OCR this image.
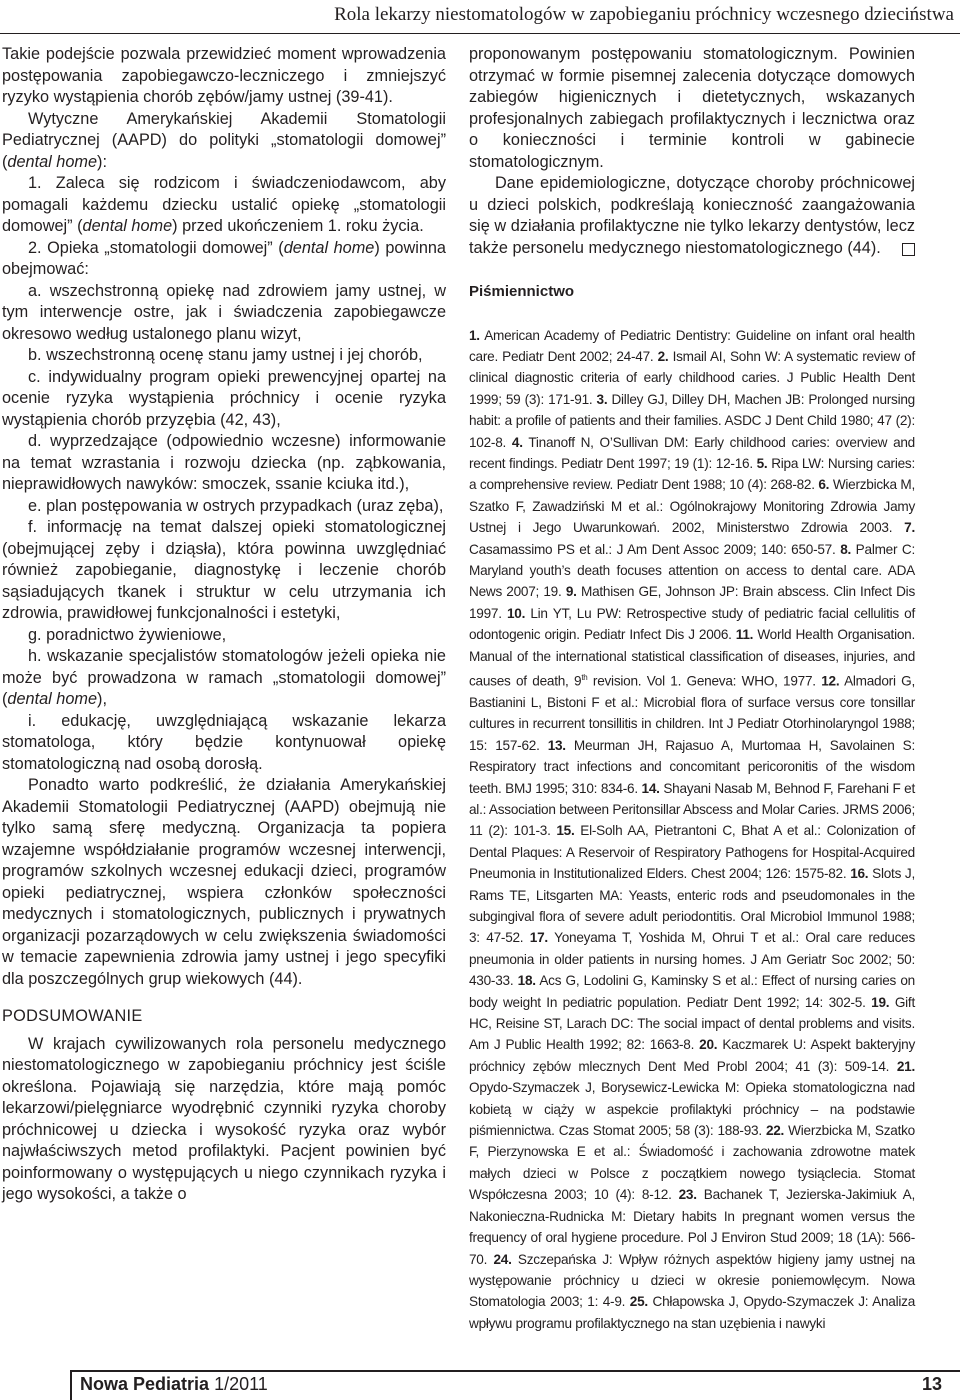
Rola lekarzy niestomatologów w zapobieganiu próchnicy wczesnego dzieciństwa

Takie podejście pozwala przewidzieć moment wprowadzenia postępowania zapobiegawczo-leczniczego i zmniejszyć ryzyko wystąpienia chorób zębów/jamy ustnej (39-41).

Wytyczne Amerykańskiej Akademii Stomatologii Pediatrycznej (AAPD) do polityki „stomatologii domowej” (dental home):

1. Zaleca się rodzicom i świadczeniodawcom, aby pomagali każdemu dziecku ustalić opiekę „stomatologii domowej” (dental home) przed ukończeniem 1. roku życia.

2. Opieka „stomatologii domowej” (dental home) powinna obejmować:

a. wszechstronną opiekę nad zdrowiem jamy ustnej, w tym interwencje ostre, jak i świadczenia zapobiegawcze okresowo według ustalonego planu wizyt,

b. wszechstronną ocenę stanu jamy ustnej i jej chorób,

c. indywidualny program opieki prewencyjnej opartej na ocenie ryzyka wystąpienia próchnicy i ocenie ryzyka wystąpienia chorób przyzębia (42, 43),

d. wyprzedzające (odpowiednio wczesne) informowanie na temat wzrastania i rozwoju dziecka (np. ząbkowania, nieprawidłowych nawyków: smoczek, ssanie kciuka itd.),

e. plan postępowania w ostrych przypadkach (uraz zęba),

f. informację na temat dalszej opieki stomatologicznej (obejmującej zęby i dziąsła), która powinna uwzględniać również zapobieganie, diagnostykę i leczenie chorób sąsiadujących tkanek i struktur w celu utrzymania ich zdrowia, prawidłowej funkcjonalności i estetyki,

g. poradnictwo żywieniowe,

h. wskazanie specjalistów stomatologów jeżeli opieka nie może być prowadzona w ramach „stomatologii domowej” (dental home),

i. edukację, uwzględniającą wskazanie lekarza stomatologa, który będzie kontynuował opiekę stomatologiczną nad osobą dorosłą.

Ponadto warto podkreślić, że działania Amerykańskiej Akademii Stomatologii Pediatrycznej (AAPD) obejmują nie tylko samą sferę medyczną. Organizacja ta popiera wzajemne współdziałanie programów wczesnej interwencji, programów szkolnych wczesnej edukacji dzieci, programów opieki pediatrycznej, wspiera członków społeczności medycznych i stomatologicznych, publicznych i prywatnych organizacji pozarządowych w celu zwiększenia świadomości w temacie zapewnienia zdrowia jamy ustnej i jego specyfiki dla poszczególnych grup wiekowych (44).

PODSUMOWANIE

W krajach cywilizowanych rola personelu medycznego niestomatologicznego w zapobieganiu próchnicy jest ściśle określona. Pojawiają się narzędzia, które mają pomóc lekarzowi/pielęgniarce wyodrębnić czynniki ryzyka choroby próchnicowej u dziecka i wysokość ryzyka oraz wybór najwłaściwszych metod profilaktyki. Pacjent powinien być poinformowany o występujących u niego czynnikach ryzyka i jego wysokości, a także o

proponowanym postępowaniu stomatologicznym. Powinien otrzymać w formie pisemnej zalecenia dotyczące domowych zabiegów higienicznych i dietetycznych, wskazanych profesjonalnych zabiegach profilaktycznych i lecznictwa oraz o konieczności i terminie kontroli w gabinecie stomatologicznym.

Dane epidemiologiczne, dotyczące choroby próchnicowej u dzieci polskich, podkreślają konieczność zaangażowania się w działania profilaktyczne nie tylko lekarzy dentystów, lecz także personelu medycznego niestomatologicznego (44).

Piśmiennictwo

1. American Academy of Pediatric Dentistry: Guideline on infant oral health care. Pediatr Dent 2002; 24-47. 2. Ismail AI, Sohn W: A systematic review of clinical diagnostic criteria of early childhood caries. J Public Health Dent 1999; 59 (3): 171-91. 3. Dilley GJ, Dilley DH, Machen JB: Prolonged nursing habit: a profile of patients and their families. ASDC J Dent Child 1980; 47 (2): 102-8. 4. Tinanoff N, O’Sullivan DM: Early childhood caries: overview and recent findings. Pediatr Dent 1997; 19 (1): 12-16. 5. Ripa LW: Nursing caries: a comprehensive review. Pediatr Dent 1988; 10 (4): 268-82. 6. Wierzbicka M, Szatko F, Zawadziński M et al.: Ogólnokrajowy Monitoring Zdrowia Jamy Ustnej i Jego Uwarunkowań. 2002, Ministerstwo Zdrowia 2003. 7. Casamassimo PS et al.: J Am Dent Assoc 2009; 140: 650-57. 8. Palmer C: Maryland youth’s death focuses attention on access to dental care. ADA News 2007; 19. 9. Mathisen GE, Johnson JP: Brain abscess. Clin Infect Dis 1997. 10. Lin YT, Lu PW: Retrospective study of pediatric facial cellulitis of odontogenic origin. Pediatr Infect Dis J 2006. 11. World Health Organisation. Manual of the international statistical classification of diseases, injuries, and causes of death, 9th revision. Vol 1. Geneva: WHO, 1977. 12. Almadori G, Bastianini L, Bistoni F et al.: Microbial flora of surface versus core tonsillar cultures in recurrent tonsillitis in children. Int J Pediatr Otorhinolaryngol 1988; 15: 157-62. 13. Meurman JH, Rajasuo A, Murtomaa H, Savolainen S: Respiratory tract infections and concomitant pericoronitis of the wisdom teeth. BMJ 1995; 310: 834-6. 14. Shayani Nasab M, Behnod F, Farehani F et al.: Association between Peritonsillar Abscess and Molar Caries. JRMS 2006; 11 (2): 101-3. 15. El-Solh AA, Pietrantoni C, Bhat A et al.: Colonization of Dental Plaques: A Reservoir of Respiratory Pathogens for Hospital-Acquired Pneumonia in Institutionalized Elders. Chest 2004; 126: 1575-82. 16. Slots J, Rams TE, Litsgarten MA: Yeasts, enteric rods and pseudomonales in the subgingival flora of severe adult periodontitis. Oral Microbiol Immunol 1988; 3: 47-52. 17. Yoneyama T, Yoshida M, Ohrui T et al.: Oral care reduces pneumonia in older patients in nursing homes. J Am Geriatr Soc 2002; 50: 430-33. 18. Acs G, Lodolini G, Kaminsky S et al.: Effect of nursing caries on body weight In pediatric population. Pediatr Dent 1992; 14: 302-5. 19. Gift HC, Reisine ST, Larach DC: The social impact of dental problems and visits. Am J Public Health 1992; 82: 1663-8. 20. Kaczmarek U: Aspekt bakteryjny próchnicy zębów mlecznych Dent Med Probl 2004; 41 (3): 509-14. 21. Opydo-Szymaczek J, Borysewicz-Lewicka M: Opieka stomatologiczna nad kobietą w ciąży w aspekcie profilaktyki próchnicy – na podstawie piśmiennictwa. Czas Stomat 2005; 58 (3): 188-93. 22. Wierzbicka M, Szatko F, Pierzynowska E et al.: Świadomość i zachowania zdrowotne matek małych dzieci w Polsce z początkiem nowego tysiąclecia. Stomat Współczesna 2003; 10 (4): 8-12. 23. Bachanek T, Jezierska-Jakimiuk A, Nakonieczna-Rudnicka M: Dietary habits In pregnant women versus the frequency of oral hygiene procedure. Pol J Environ Stud 2009; 18 (1A): 566-70. 24. Szczepańska J: Wpływ różnych aspektów higieny jamy ustnej na występowanie próchnicy u dzieci w okresie poniemowlęcym. Nowa Stomatologia 2003; 1: 4-9. 25. Chłapowska J, Opydo-Szymaczek J: Analiza wpływu programu profilaktycznego na stan uzębienia i nawyki

Nowa Pediatria 1/2011	13
